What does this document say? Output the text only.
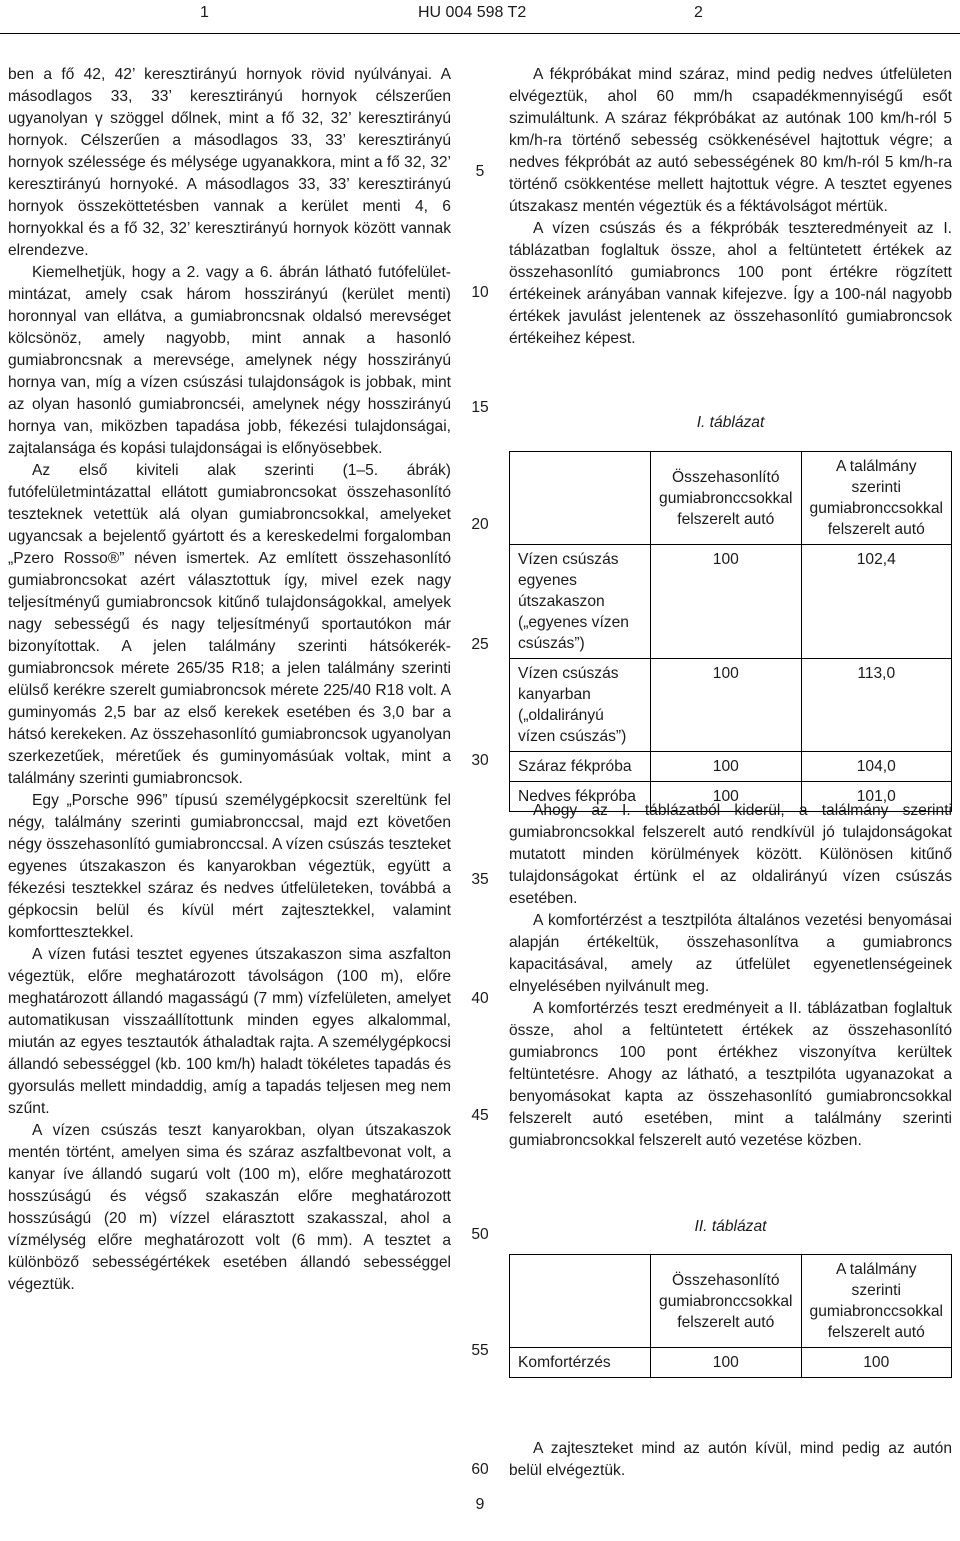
1	HU 004 598 T2	2

ben a fő 42, 42’ keresztirányú hornyok rövid nyúlványai. A másodlagos 33, 33’ keresztirányú hornyok célszerűen ugyanolyan γ szöggel dőlnek, mint a fő 32, 32’ keresztirányú hornyok. Célszerűen a másodlagos 33, 33’ keresztirányú hornyok szélessége és mélysége ugyanakkora, mint a fő 32, 32’ keresztirányú hornyoké. A másodlagos 33, 33’ keresztirányú hornyok összeköttetésben vannak a kerület menti 4, 6 hornyokkal és a fő 32, 32’ keresztirányú hornyok között vannak elrendezve.

Kiemelhetjük, hogy a 2. vagy a 6. ábrán látható futófelület-mintázat, amely csak három hosszirányú (kerület menti) horonnyal van ellátva, a gumiabroncsnak oldalsó merevséget kölcsönöz, amely nagyobb, mint annak a hasonló gumiabroncsnak a merevsége, amelynek négy hosszirányú hornya van, míg a vízen csúszási tulajdonságok is jobbak, mint az olyan hasonló gumiabroncséi, amelynek négy hosszirányú hornya van, miközben tapadása jobb, fékezési tulajdonságai, zajtalansága és kopási tulajdonságai is előnyösebbek.

Az első kiviteli alak szerinti (1–5. ábrák) futófelületmintázattal ellátott gumiabroncsokat összehasonlító teszteknek vetettük alá olyan gumiabroncsokkal, amelyeket ugyancsak a bejelentő gyártott és a kereskedelmi forgalomban „Pzero Rosso®” néven ismertek. Az említett összehasonlító gumiabroncsokat azért választottuk így, mivel ezek nagy teljesítményű gumiabroncsok kitűnő tulajdonságokkal, amelyek nagy sebességű és nagy teljesítményű sportautókon már bizonyítottak. A jelen találmány szerinti hátsókerék-gumiabroncsok mérete 265/35 R18; a jelen találmány szerinti elülső kerékre szerelt gumiabroncsok mérete 225/40 R18 volt. A guminyomás 2,5 bar az első kerekek esetében és 3,0 bar a hátsó kerekeken. Az összehasonlító gumiabroncsok ugyanolyan szerkezetűek, méretűek és guminyomásúak voltak, mint a találmány szerinti gumiabroncsok.

Egy „Porsche 996” típusú személygépkocsit szereltünk fel négy, találmány szerinti gumiabronccsal, majd ezt követően négy összehasonlító gumiabronccsal. A vízen csúszás teszteket egyenes útszakaszon és kanyarokban végeztük, együtt a fékezési tesztekkel száraz és nedves útfelületeken, továbbá a gépkocsin belül és kívül mért zajtesztekkel, valamint komforttesztekkel.

A vízen futási tesztet egyenes útszakaszon sima aszfalton végeztük, előre meghatározott távolságon (100 m), előre meghatározott állandó magasságú (7 mm) vízfelületen, amelyet automatikusan visszaállítottunk minden egyes alkalommal, miután az egyes tesztautók áthaladtak rajta. A személygépkocsi állandó sebességgel (kb. 100 km/h) haladt tökéletes tapadás és gyorsulás mellett mindaddig, amíg a tapadás teljesen meg nem szűnt.

A vízen csúszás teszt kanyarokban, olyan útszakaszok mentén történt, amelyen sima és száraz aszfaltbevonat volt, a kanyar íve állandó sugarú volt (100 m), előre meghatározott hosszúságú és végső szakaszán előre meghatározott hosszúságú (20 m) vízzel elárasztott szakasszal, ahol a vízmélység előre meghatározott volt (6 mm). A tesztet a különböző sebességértékek esetében állandó sebességgel végeztük.

5
10
15
20
25
30
35
40
45
50
55
60

A fékpróbákat mind száraz, mind pedig nedves útfelületen elvégeztük, ahol 60 mm/h csapadékmennyiségű esőt szimuláltunk. A száraz fékpróbákat az autónak 100 km/h-ról 5 km/h-ra történő sebesség csökkenésével hajtottuk végre; a nedves fékpróbát az autó sebességének 80 km/h-ról 5 km/h-ra történő csökkentése mellett hajtottuk végre. A tesztet egyenes útszakasz mentén végeztük és a féktávolságot mértük.

A vízen csúszás és a fékpróbák teszteredményeit az I. táblázatban foglaltuk össze, ahol a feltüntetett értékek az összehasonlító gumiabroncs 100 pont értékre rögzített értékeinek arányában vannak kifejezve. Így a 100-nál nagyobb értékek javulást jelentenek az összehasonlító gumiabroncsok értékeihez képest.

I. táblázat
	Összehasonlító gumiabronccsokkal felszerelt autó	A találmány szerinti gumiabronccsokkal felszerelt autó
Vízen csúszás egyenes útszakaszon („egyenes vízen csúszás”)	100	102,4
Vízen csúszás kanyarban („oldalirányú vízen csúszás”)	100	113,0
Száraz fékpróba	100	104,0
Nedves fékpróba	100	101,0

Ahogy az I. táblázatból kiderül, a találmány szerinti gumiabroncsokkal felszerelt autó rendkívül jó tulajdonságokat mutatott minden körülmények között. Különösen kitűnő tulajdonságokat értünk el az oldalirányú vízen csúszás esetében.

A komfortérzést a tesztpilóta általános vezetési benyomásai alapján értékeltük, összehasonlítva a gumiabroncs kapacitásával, amely az útfelület egyenetlenségeinek elnyelésében nyilvánult meg.

A komfortérzés teszt eredményeit a II. táblázatban foglaltuk össze, ahol a feltüntetett értékek az összehasonlító gumiabroncs 100 pont értékhez viszonyítva kerültek feltüntetésre. Ahogy az látható, a tesztpilóta ugyanazokat a benyomásokat kapta az összehasonlító gumiabroncsokkal felszerelt autó esetében, mint a találmány szerinti gumiabroncsokkal felszerelt autó vezetése közben.

II. táblázat
	Összehasonlító gumiabronccsokkal felszerelt autó	A találmány szerinti gumiabronccsokkal felszerelt autó
Komfortérzés	100	100

A zajteszteket mind az autón kívül, mind pedig az autón belül elvégeztük.

9
